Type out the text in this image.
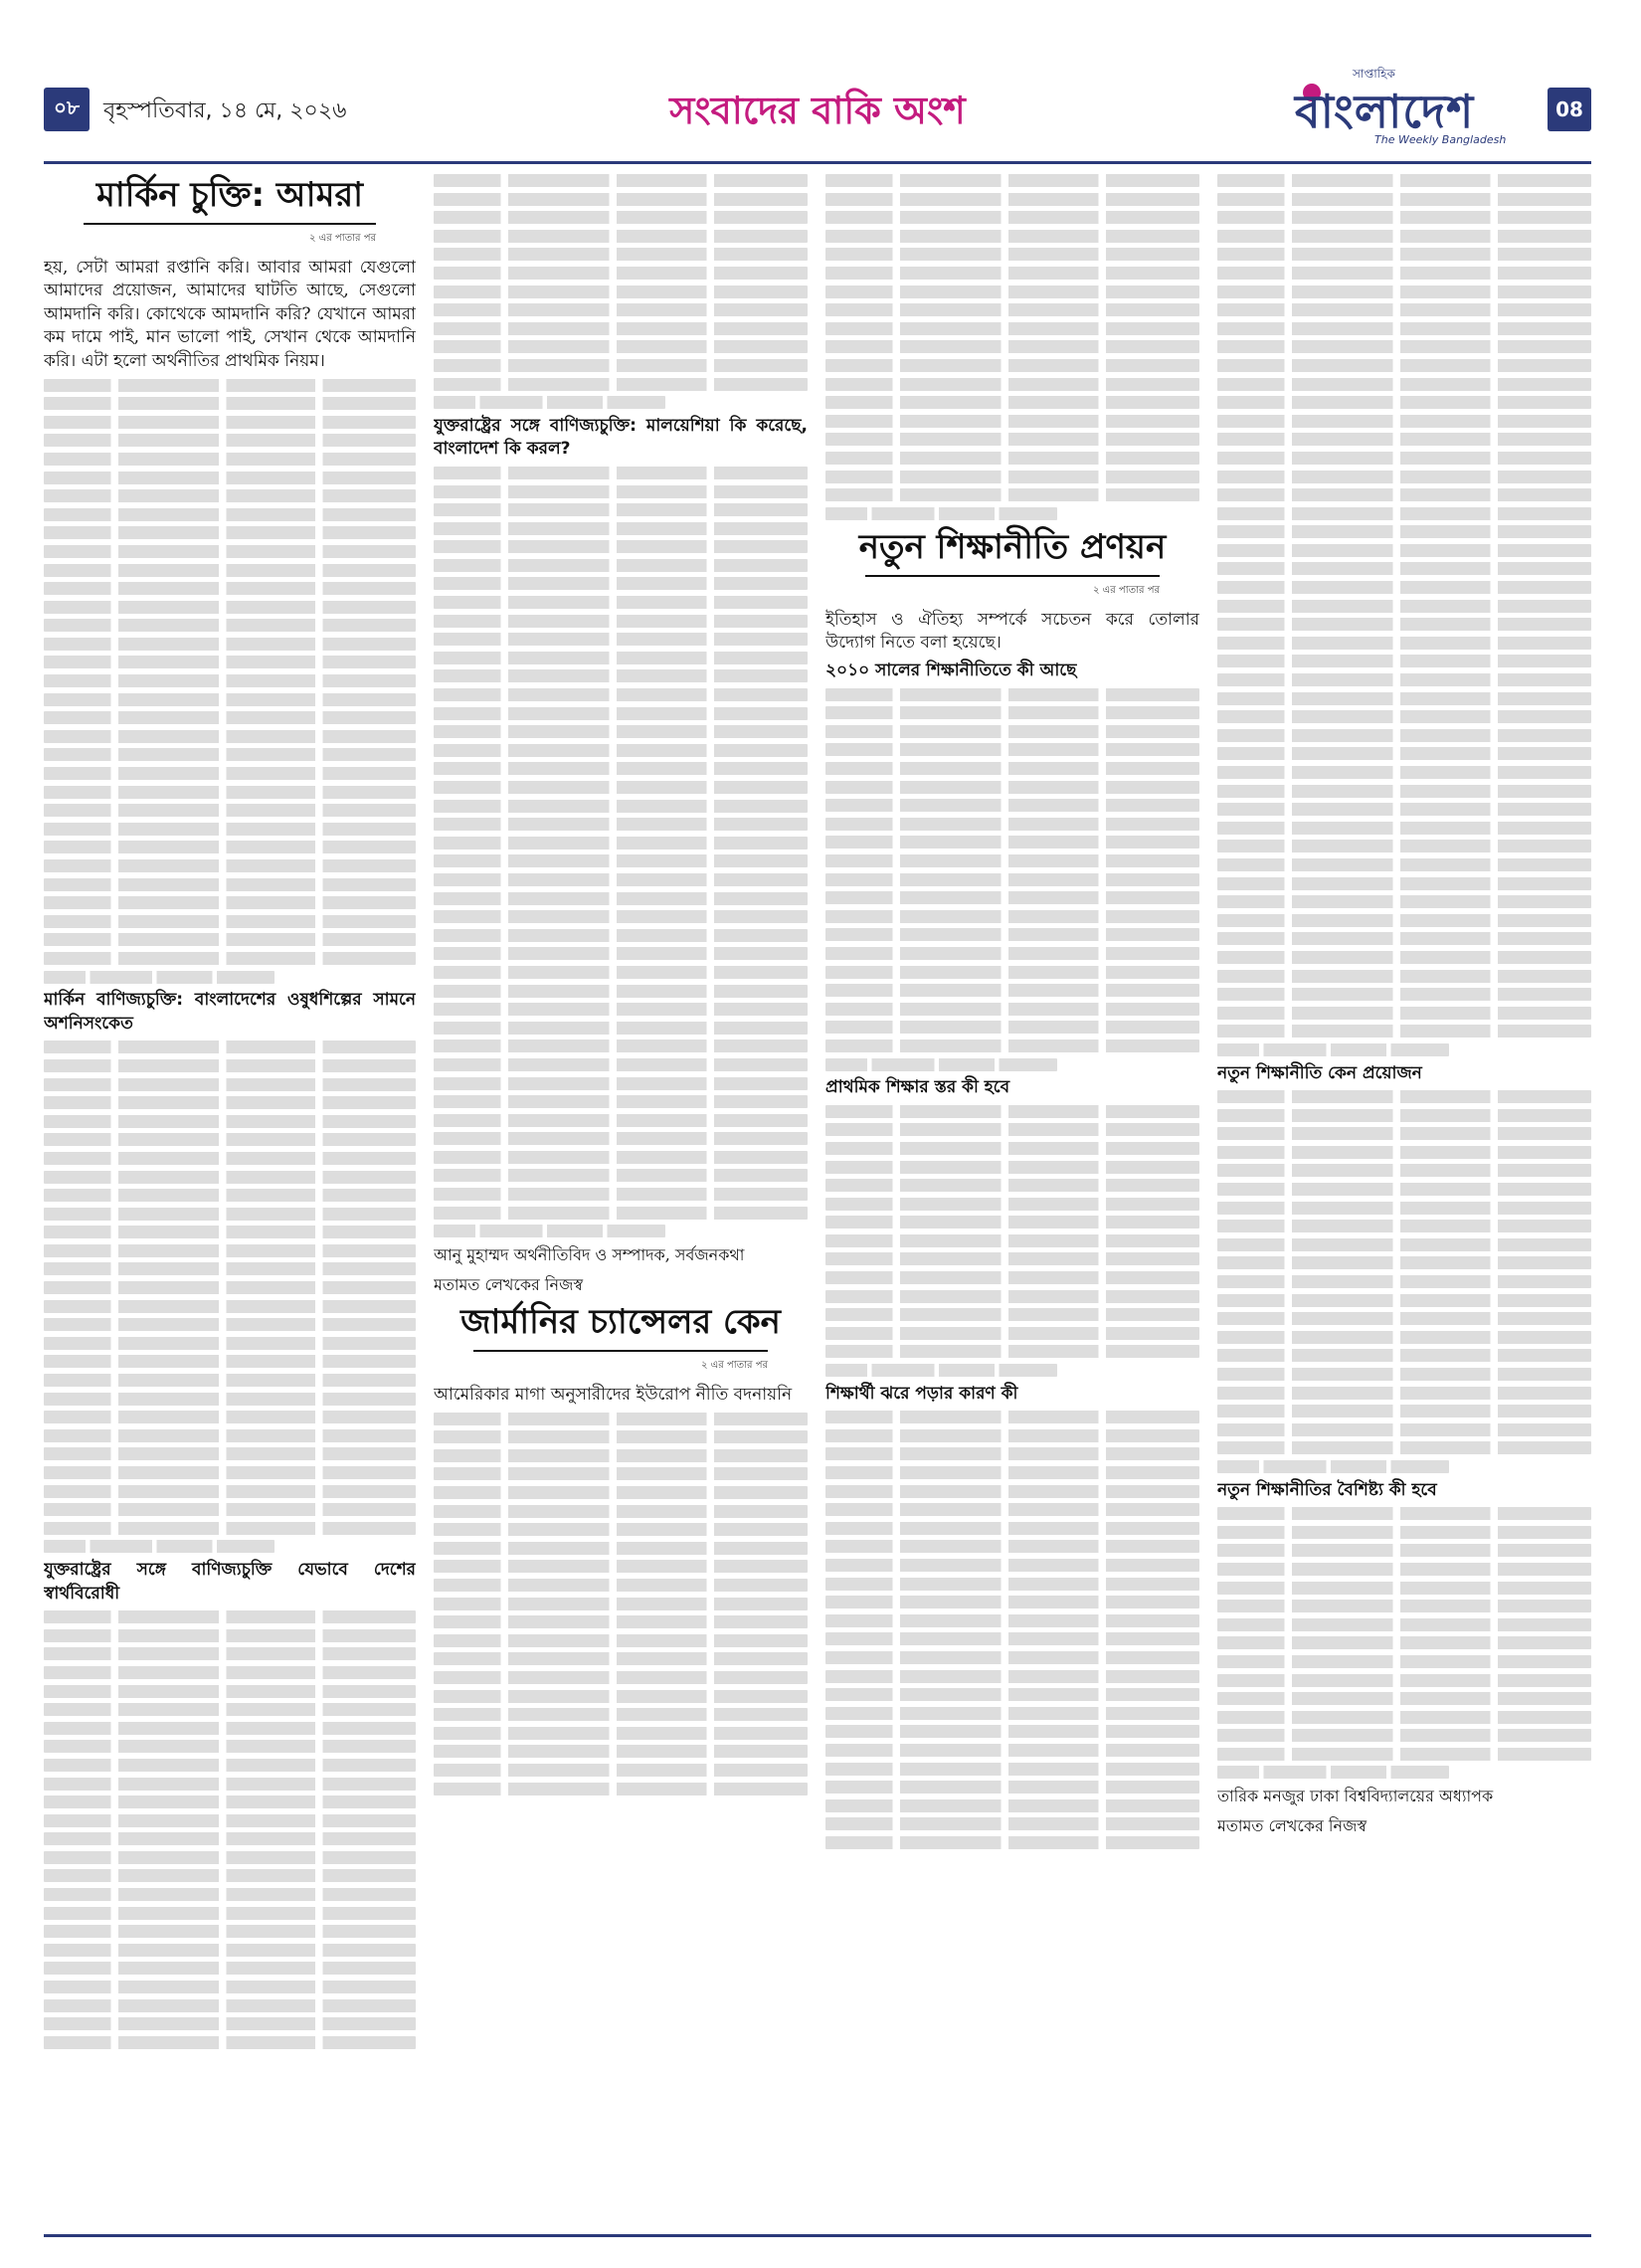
০৮	বৃহস্পতিবার, ১৪ মে, ২০২৬	সংবাদের বাকি অংশ
সাপ্তাহিক
বাংলাদেশ
The Weekly Bangladesh
08
মার্কিন চুক্তি: আমরা
২ এর পাতার পর

হয়, সেটা আমরা রপ্তানি করি। আবার আমরা যেগুলো আমাদের প্রয়োজন, আমাদের ঘাটতি আছে, সেগুলো আমদানি করি। কোথেকে আমদানি করি? যেখানে আমরা কম দামে পাই, মান ভালো পাই, সেখান থেকে আমদানি করি। এটা হলো অর্থনীতির প্রাথমিক নিয়ম।

মার্কিন বাণিজ্যচুক্তি: বাংলাদেশের ওষুধশিল্পের সামনে অশনিসংকেত
যুক্তরাষ্ট্রের সঙ্গে বাণিজ্যচুক্তি যেভাবে দেশের স্বার্থবিরোধী
যুক্তরাষ্ট্রের সঙ্গে বাণিজ্যচুক্তি: মালয়েশিয়া কি করেছে, বাংলাদেশ কি করল?
আনু মুহাম্মদ অর্থনীতিবিদ ও সম্পাদক, সর্বজনকথা
মতামত লেখকের নিজস্ব
জার্মানির চ্যান্সেলর কেন
২ এর পাতার পর

আমেরিকার মাগা অনুসারীদের ইউরোপ নীতি বদনায়নি

নতুন শিক্ষানীতি প্রণয়ন
২ এর পাতার পর

ইতিহাস ও ঐতিহ্য সম্পর্কে সচেতন করে তোলার উদ্যোগ নিতে বলা হয়েছে।

২০১০ সালের শিক্ষানীতিতে কী আছে
প্রাথমিক শিক্ষার স্তর কী হবে
শিক্ষার্থী ঝরে পড়ার কারণ কী
নতুন শিক্ষানীতি কেন প্রয়োজন
নতুন শিক্ষানীতির বৈশিষ্ট্য কী হবে
তারিক মনজুর ঢাকা বিশ্ববিদ্যালয়ের অধ্যাপক
মতামত লেখকের নিজস্ব
